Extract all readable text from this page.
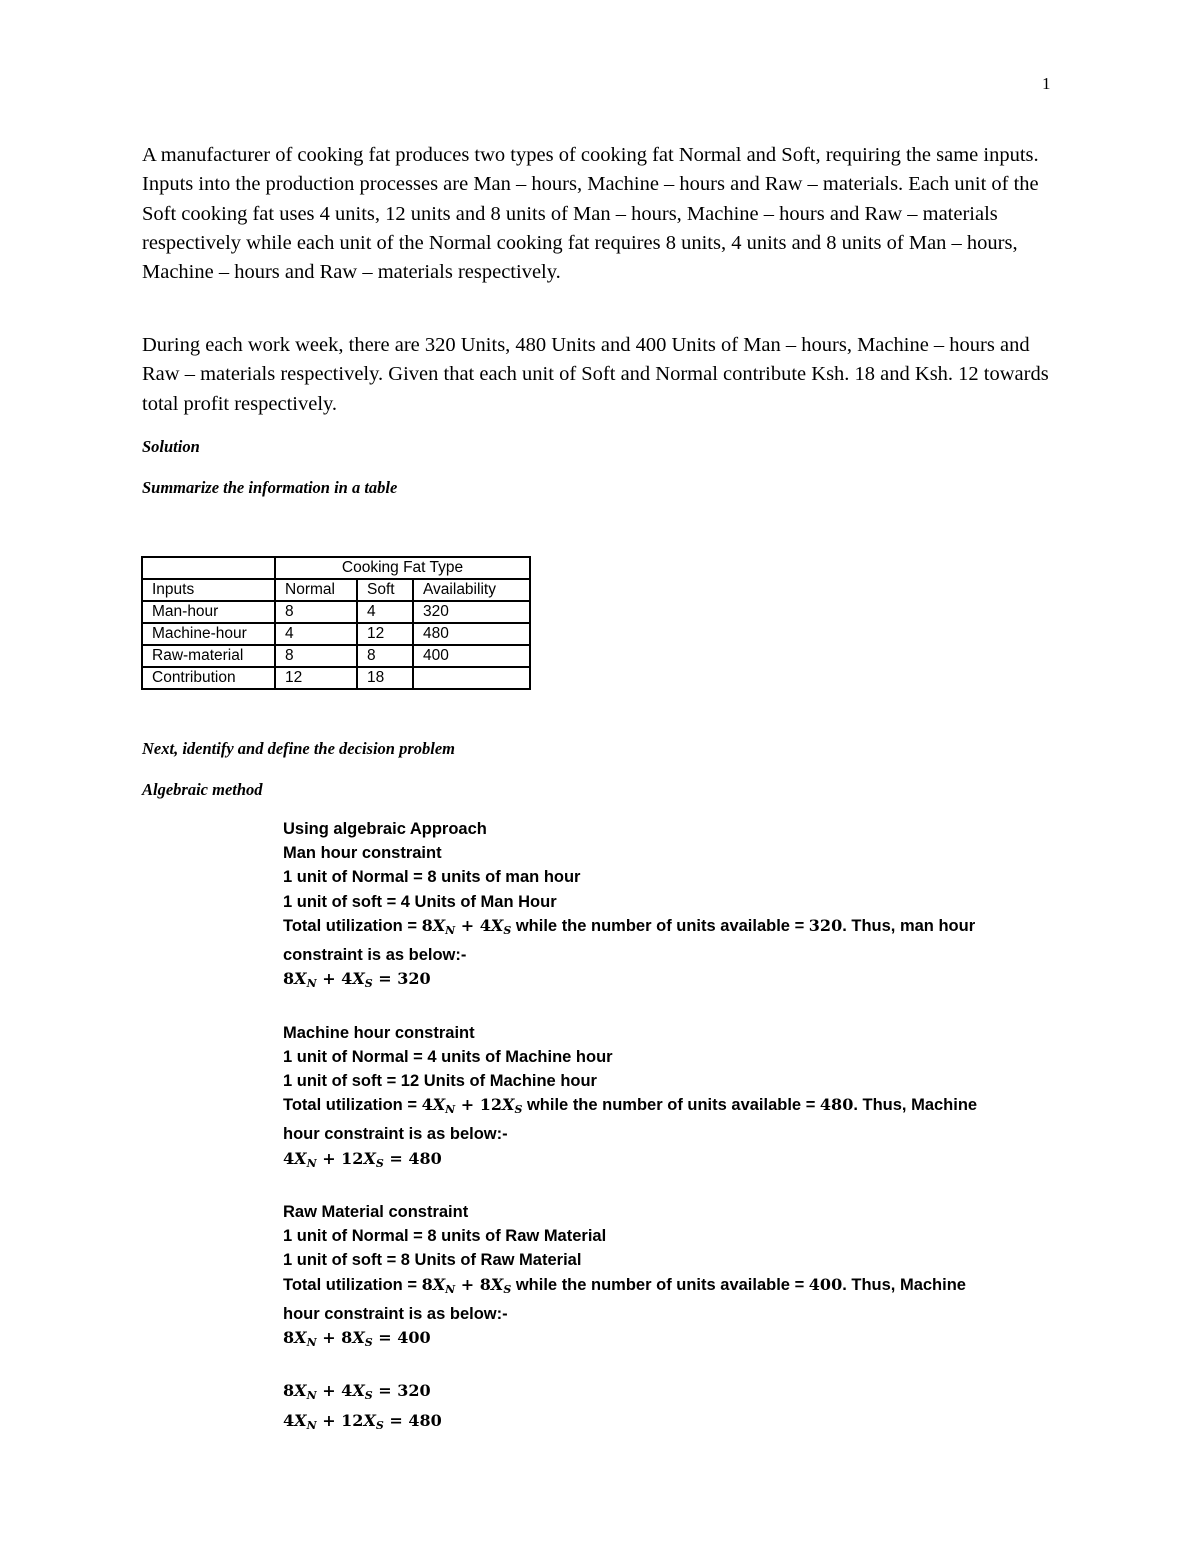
1

A manufacturer of cooking fat produces two types of cooking fat Normal and Soft, requiring the same inputs. Inputs into the production processes are Man – hours, Machine – hours and Raw – materials. Each unit of the Soft cooking fat uses 4 units, 12 units and 8 units of Man – hours, Machine – hours and Raw – materials respectively while each unit of the Normal cooking fat requires 8 units, 4 units and 8 units of Man – hours, Machine – hours and Raw – materials respectively.

During each work week, there are 320 Units, 480 Units and 400 Units of Man – hours, Machine – hours and Raw – materials respectively. Given that each unit of Soft and Normal contribute Ksh. 18 and Ksh. 12 towards total profit respectively.

Solution

Summarize the information in a table

	Cooking Fat Type		
Inputs	Normal	Soft	Availability
Man-hour	8	4	320
Machine-hour	4	12	480
Raw-material	8	8	400
Contribution	12	18	

Next, identify and define the decision problem

Algebraic method

Using algebraic Approach
Man hour constraint
1 unit of Normal = 8 units of man hour
1 unit of soft = 4 Units of Man Hour
Total utilization = $8X_N + 4X_S$ while the number of units available = 320. Thus, man hour
constraint is as below:-
$8X_N + 4X_S = 320$
Machine hour constraint
1 unit of Normal = 4 units of Machine hour
1 unit of soft = 12 Units of Machine hour
Total utilization = $4X_N + 12X_S$ while the number of units available = 480. Thus, Machine
hour constraint is as below:-
$4X_N + 12X_S = 480$
Raw Material constraint
1 unit of Normal = 8 units of Raw Material
1 unit of soft = 8 Units of Raw Material
Total utilization = $8X_N + 8X_S$ while the number of units available = 400. Thus, Machine
hour constraint is as below:-
$8X_N + 8X_S = 400$
$8X_N + 4X_S = 320$
$4X_N + 12X_S = 480$
